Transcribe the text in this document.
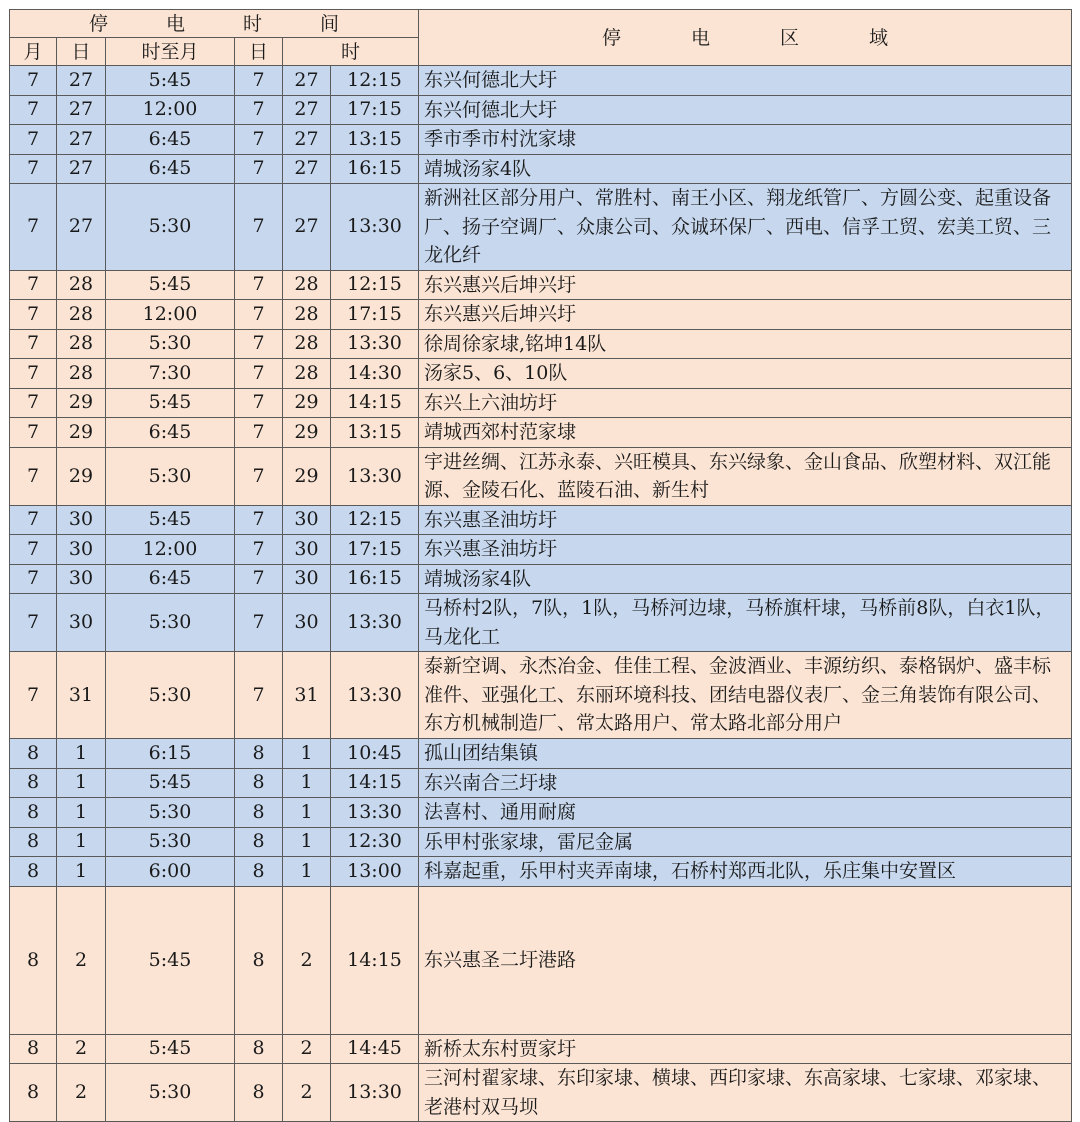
停 电 时 间						停 电 区 域
月	日	时至月	日	时		
7	27	5:45	7	27	12:15	东兴何德北大圩
7	27	12:00	7	27	17:15	东兴何德北大圩
7	27	6:45	7	27	13:15	季市季市村沈家埭
7	27	6:45	7	27	16:15	靖城汤家4队
7	27	5:30	7	27	13:30	新洲社区部分用户、常胜村、南王小区、翔龙纸管厂、方圆公变、起重设备厂、扬子空调厂、众康公司、众诚环保厂、西电、信孚工贸、宏美工贸、三龙化纤
7	28	5:45	7	28	12:15	东兴惠兴后坤兴圩
7	28	12:00	7	28	17:15	东兴惠兴后坤兴圩
7	28	5:30	7	28	13:30	徐周徐家埭,铭坤14队
7	28	7:30	7	28	14:30	汤家5、6、10队
7	29	5:45	7	29	14:15	东兴上六油坊圩
7	29	6:45	7	29	13:15	靖城西郊村范家埭
7	29	5:30	7	29	13:30	宇进丝绸、江苏永泰、兴旺模具、东兴绿象、金山食品、欣塑材料、双江能源、金陵石化、蓝陵石油、新生村
7	30	5:45	7	30	12:15	东兴惠圣油坊圩
7	30	12:00	7	30	17:15	东兴惠圣油坊圩
7	30	6:45	7	30	16:15	靖城汤家4队
7	30	5:30	7	30	13:30	马桥村2队，7队，1队，马桥河边埭，马桥旗杆埭，马桥前8队，白衣1队，马龙化工
7	31	5:30	7	31	13:30	泰新空调、永杰冶金、佳佳工程、金波酒业、丰源纺织、泰格锅炉、盛丰标准件、亚强化工、东丽环境科技、团结电器仪表厂、金三角装饰有限公司、东方机械制造厂、常太路用户、常太路北部分用户
8	1	6:15	8	1	10:45	孤山团结集镇
8	1	5:45	8	1	14:15	东兴南合三圩埭
8	1	5:30	8	1	13:30	法喜村、通用耐腐
8	1	5:30	8	1	12:30	乐甲村张家埭，雷尼金属
8	1	6:00	8	1	13:00	科嘉起重，乐甲村夹弄南埭，石桥村郑西北队，乐庄集中安置区
8	2	5:45	8	2	14:15	东兴惠圣二圩港路
8	2	5:45	8	2	14:45	新桥太东村贾家圩
8	2	5:30	8	2	13:30	三河村翟家埭、东印家埭、横埭、西印家埭、东高家埭、七家埭、邓家埭、老港村双马坝
